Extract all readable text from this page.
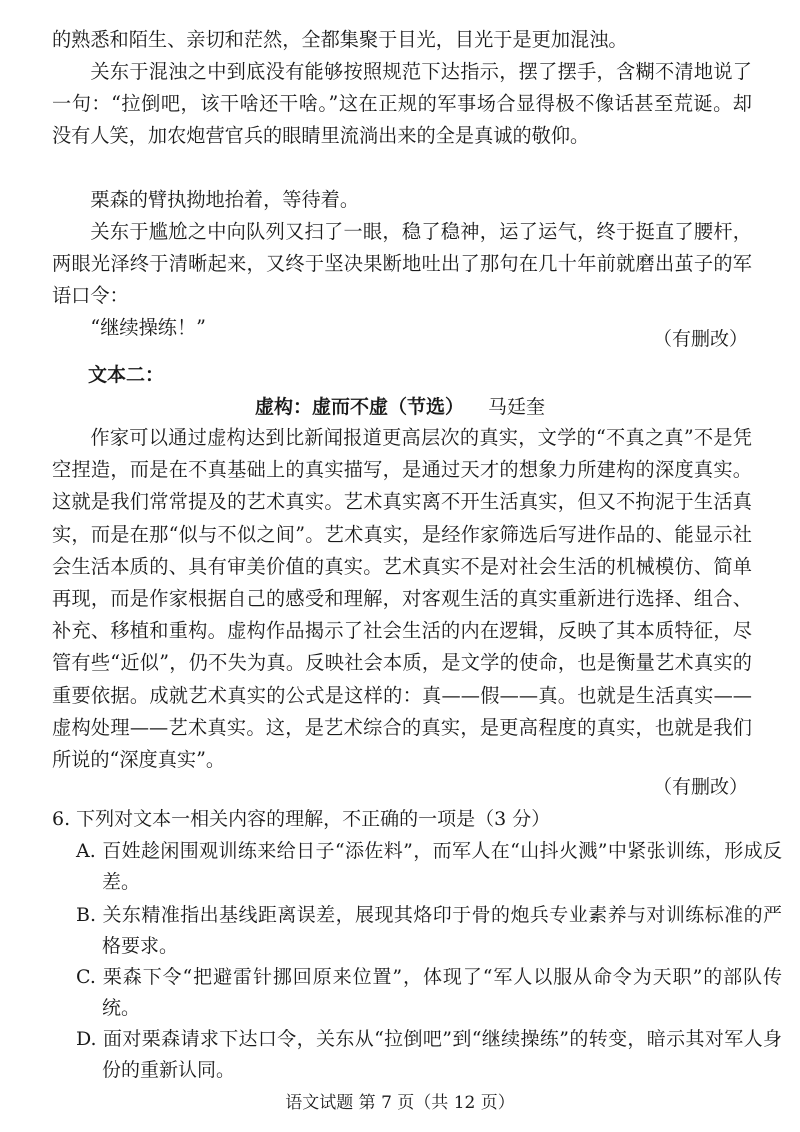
的熟悉和陌生、亲切和茫然，全都集聚于目光，目光于是更加混浊。

关东于混浊之中到底没有能够按照规范下达指示，摆了摆手，含糊不清地说了一句：“拉倒吧，该干啥还干啥。”这在正规的军事场合显得极不像话甚至荒诞。却没有人笑，加农炮营官兵的眼睛里流淌出来的全是真诚的敬仰。

栗森的臂执拗地抬着，等待着。

关东于尴尬之中向队列又扫了一眼，稳了稳神，运了运气，终于挺直了腰杆，两眼光泽终于清晰起来，又终于坚决果断地吐出了那句在几十年前就磨出茧子的军语口令：

“继续操练！”	（有删改）
文本二：
虚构：虚而不虚（节选） 马廷奎

作家可以通过虚构达到比新闻报道更高层次的真实，文学的“不真之真”不是凭空捏造，而是在不真基础上的真实描写，是通过天才的想象力所建构的深度真实。这就是我们常常提及的艺术真实。艺术真实离不开生活真实，但又不拘泥于生活真实，而是在那“似与不似之间”。艺术真实，是经作家筛选后写进作品的、能显示社会生活本质的、具有审美价值的真实。艺术真实不是对社会生活的机械模仿、简单再现，而是作家根据自己的感受和理解，对客观生活的真实重新进行选择、组合、补充、移植和重构。虚构作品揭示了社会生活的内在逻辑，反映了其本质特征，尽管有些“近似”，仍不失为真。反映社会本质，是文学的使命，也是衡量艺术真实的重要依据。成就艺术真实的公式是这样的：真——假——真。也就是生活真实——虚构处理——艺术真实。这，是艺术综合的真实，是更高程度的真实，也就是我们所说的“深度真实”。

（有删改）
6. 下列对文本一相关内容的理解，不正确的一项是（3 分）
A. 百姓趁闲围观训练来给日子“添佐料”，而军人在“山抖火溅”中紧张训练，形成反差。
B. 关东精准指出基线距离误差，展现其烙印于骨的炮兵专业素养与对训练标准的严格要求。
C. 栗森下令“把避雷针挪回原来位置”，体现了“军人以服从命令为天职”的部队传统。
D. 面对栗森请求下达口令，关东从“拉倒吧”到“继续操练”的转变，暗示其对军人身份的重新认同。
语文试题 第 7 页（共 12 页）
